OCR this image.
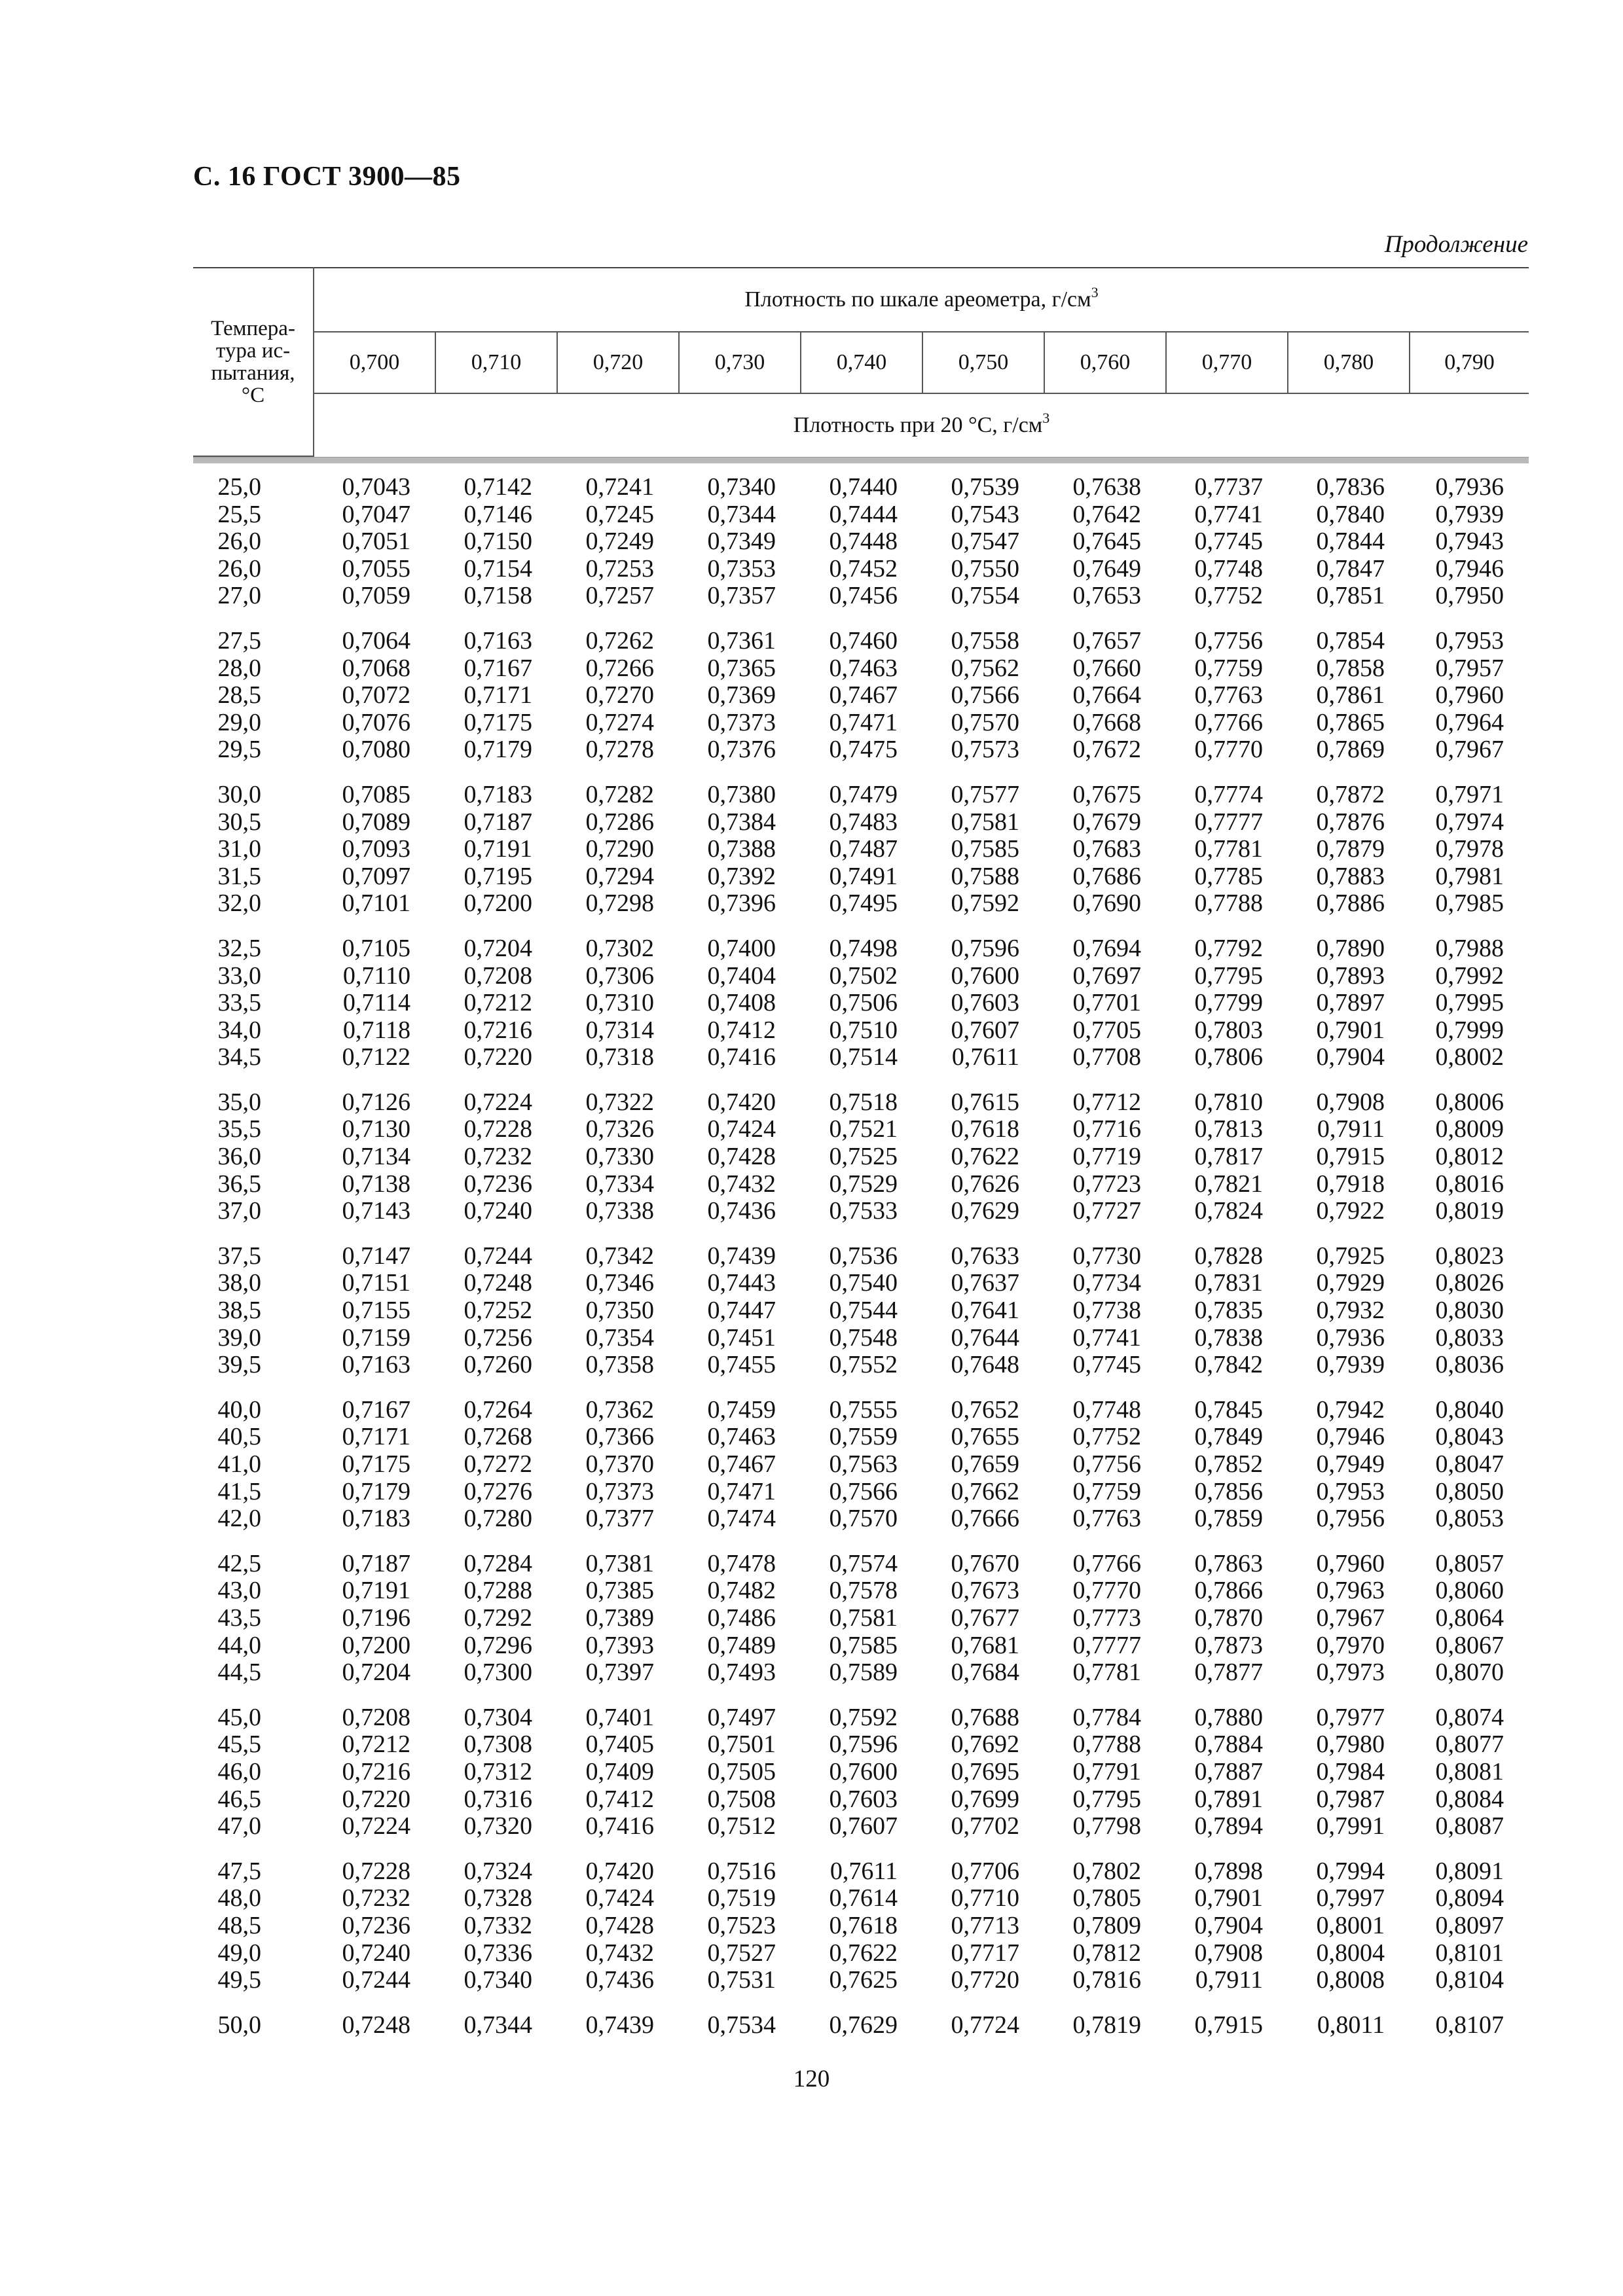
С. 16 ГОСТ 3900—85
Продолжение
Темпера-
тура ис-
пытания,
°С	Плотность по шкале ареометра, $г/см^3$
	0,700	0,710	0,720	0,730	0,740	0,750	0,760	0,770	0,780	0,790
	Плотность при 20 °С, $г/см^3$
25,0	0,7043	0,7142	0,7241	0,7340	0,7440	0,7539	0,7638	0,7737	0,7836	0,7936
25,5	0,7047	0,7146	0,7245	0,7344	0,7444	0,7543	0,7642	0,7741	0,7840	0,7939
26,0	0,7051	0,7150	0,7249	0,7349	0,7448	0,7547	0,7645	0,7745	0,7844	0,7943
26,0	0,7055	0,7154	0,7253	0,7353	0,7452	0,7550	0,7649	0,7748	0,7847	0,7946
27,0	0,7059	0,7158	0,7257	0,7357	0,7456	0,7554	0,7653	0,7752	0,7851	0,7950

27,5	0,7064	0,7163	0,7262	0,7361	0,7460	0,7558	0,7657	0,7756	0,7854	0,7953
28,0	0,7068	0,7167	0,7266	0,7365	0,7463	0,7562	0,7660	0,7759	0,7858	0,7957
28,5	0,7072	0,7171	0,7270	0,7369	0,7467	0,7566	0,7664	0,7763	0,7861	0,7960
29,0	0,7076	0,7175	0,7274	0,7373	0,7471	0,7570	0,7668	0,7766	0,7865	0,7964
29,5	0,7080	0,7179	0,7278	0,7376	0,7475	0,7573	0,7672	0,7770	0,7869	0,7967

30,0	0,7085	0,7183	0,7282	0,7380	0,7479	0,7577	0,7675	0,7774	0,7872	0,7971
30,5	0,7089	0,7187	0,7286	0,7384	0,7483	0,7581	0,7679	0,7777	0,7876	0,7974
31,0	0,7093	0,7191	0,7290	0,7388	0,7487	0,7585	0,7683	0,7781	0,7879	0,7978
31,5	0,7097	0,7195	0,7294	0,7392	0,7491	0,7588	0,7686	0,7785	0,7883	0,7981
32,0	0,7101	0,7200	0,7298	0,7396	0,7495	0,7592	0,7690	0,7788	0,7886	0,7985

32,5	0,7105	0,7204	0,7302	0,7400	0,7498	0,7596	0,7694	0,7792	0,7890	0,7988
33,0	0,7110	0,7208	0,7306	0,7404	0,7502	0,7600	0,7697	0,7795	0,7893	0,7992
33,5	0,7114	0,7212	0,7310	0,7408	0,7506	0,7603	0,7701	0,7799	0,7897	0,7995
34,0	0,7118	0,7216	0,7314	0,7412	0,7510	0,7607	0,7705	0,7803	0,7901	0,7999
34,5	0,7122	0,7220	0,7318	0,7416	0,7514	0,7611	0,7708	0,7806	0,7904	0,8002

35,0	0,7126	0,7224	0,7322	0,7420	0,7518	0,7615	0,7712	0,7810	0,7908	0,8006
35,5	0,7130	0,7228	0,7326	0,7424	0,7521	0,7618	0,7716	0,7813	0,7911	0,8009
36,0	0,7134	0,7232	0,7330	0,7428	0,7525	0,7622	0,7719	0,7817	0,7915	0,8012
36,5	0,7138	0,7236	0,7334	0,7432	0,7529	0,7626	0,7723	0,7821	0,7918	0,8016
37,0	0,7143	0,7240	0,7338	0,7436	0,7533	0,7629	0,7727	0,7824	0,7922	0,8019

37,5	0,7147	0,7244	0,7342	0,7439	0,7536	0,7633	0,7730	0,7828	0,7925	0,8023
38,0	0,7151	0,7248	0,7346	0,7443	0,7540	0,7637	0,7734	0,7831	0,7929	0,8026
38,5	0,7155	0,7252	0,7350	0,7447	0,7544	0,7641	0,7738	0,7835	0,7932	0,8030
39,0	0,7159	0,7256	0,7354	0,7451	0,7548	0,7644	0,7741	0,7838	0,7936	0,8033
39,5	0,7163	0,7260	0,7358	0,7455	0,7552	0,7648	0,7745	0,7842	0,7939	0,8036

40,0	0,7167	0,7264	0,7362	0,7459	0,7555	0,7652	0,7748	0,7845	0,7942	0,8040
40,5	0,7171	0,7268	0,7366	0,7463	0,7559	0,7655	0,7752	0,7849	0,7946	0,8043
41,0	0,7175	0,7272	0,7370	0,7467	0,7563	0,7659	0,7756	0,7852	0,7949	0,8047
41,5	0,7179	0,7276	0,7373	0,7471	0,7566	0,7662	0,7759	0,7856	0,7953	0,8050
42,0	0,7183	0,7280	0,7377	0,7474	0,7570	0,7666	0,7763	0,7859	0,7956	0,8053

42,5	0,7187	0,7284	0,7381	0,7478	0,7574	0,7670	0,7766	0,7863	0,7960	0,8057
43,0	0,7191	0,7288	0,7385	0,7482	0,7578	0,7673	0,7770	0,7866	0,7963	0,8060
43,5	0,7196	0,7292	0,7389	0,7486	0,7581	0,7677	0,7773	0,7870	0,7967	0,8064
44,0	0,7200	0,7296	0,7393	0,7489	0,7585	0,7681	0,7777	0,7873	0,7970	0,8067
44,5	0,7204	0,7300	0,7397	0,7493	0,7589	0,7684	0,7781	0,7877	0,7973	0,8070

45,0	0,7208	0,7304	0,7401	0,7497	0,7592	0,7688	0,7784	0,7880	0,7977	0,8074
45,5	0,7212	0,7308	0,7405	0,7501	0,7596	0,7692	0,7788	0,7884	0,7980	0,8077
46,0	0,7216	0,7312	0,7409	0,7505	0,7600	0,7695	0,7791	0,7887	0,7984	0,8081
46,5	0,7220	0,7316	0,7412	0,7508	0,7603	0,7699	0,7795	0,7891	0,7987	0,8084
47,0	0,7224	0,7320	0,7416	0,7512	0,7607	0,7702	0,7798	0,7894	0,7991	0,8087

47,5	0,7228	0,7324	0,7420	0,7516	0,7611	0,7706	0,7802	0,7898	0,7994	0,8091
48,0	0,7232	0,7328	0,7424	0,7519	0,7614	0,7710	0,7805	0,7901	0,7997	0,8094
48,5	0,7236	0,7332	0,7428	0,7523	0,7618	0,7713	0,7809	0,7904	0,8001	0,8097
49,0	0,7240	0,7336	0,7432	0,7527	0,7622	0,7717	0,7812	0,7908	0,8004	0,8101
49,5	0,7244	0,7340	0,7436	0,7531	0,7625	0,7720	0,7816	0,7911	0,8008	0,8104

50,0	0,7248	0,7344	0,7439	0,7534	0,7629	0,7724	0,7819	0,7915	0,8011	0,8107
120
